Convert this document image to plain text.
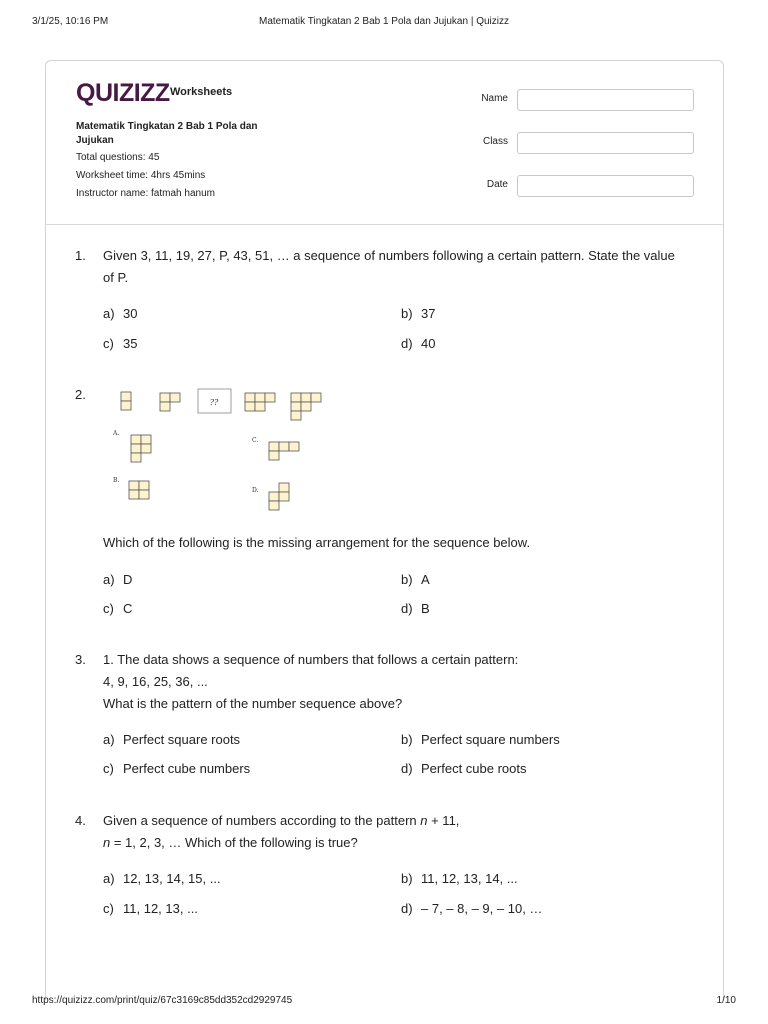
3/1/25, 10:16 PM	Matematik Tingkatan 2 Bab 1 Pola dan Jujukan | Quizizz
QUIZIZZ Worksheets
Matematik Tingkatan 2 Bab 1 Pola dan Jujukan
Total questions: 45
Worksheet time: 4hrs 45mins
Instructor name: fatmah hanum
Name
Class
Date
1.	Given 3, 11, 19, 27, P, 43, 51, … a sequence of numbers following a certain pattern. State the value
of P.
a) 30	b) 37
c) 35	d) 40
2.
??
A.
C.
B.
D.
Which of the following is the missing arrangement for the sequence below.
a) D	b) A
c) C	d) B
3.	1. The data shows a sequence of numbers that follows a certain pattern:
4, 9, 16, 25, 36, ...
What is the pattern of the number sequence above?
a) Perfect square roots	b) Perfect square numbers
c) Perfect cube numbers	d) Perfect cube roots
4.	Given a sequence of numbers according to the pattern n + 11,
n = 1, 2, 3, … Which of the following is true?
a) 12, 13, 14, 15, ...	b) 11, 12, 13, 14, ...
c) 11, 12, 13, ...	d) – 7, – 8, – 9, – 10, …
https://quizizz.com/print/quiz/67c3169c85dd352cd2929745	1/10
